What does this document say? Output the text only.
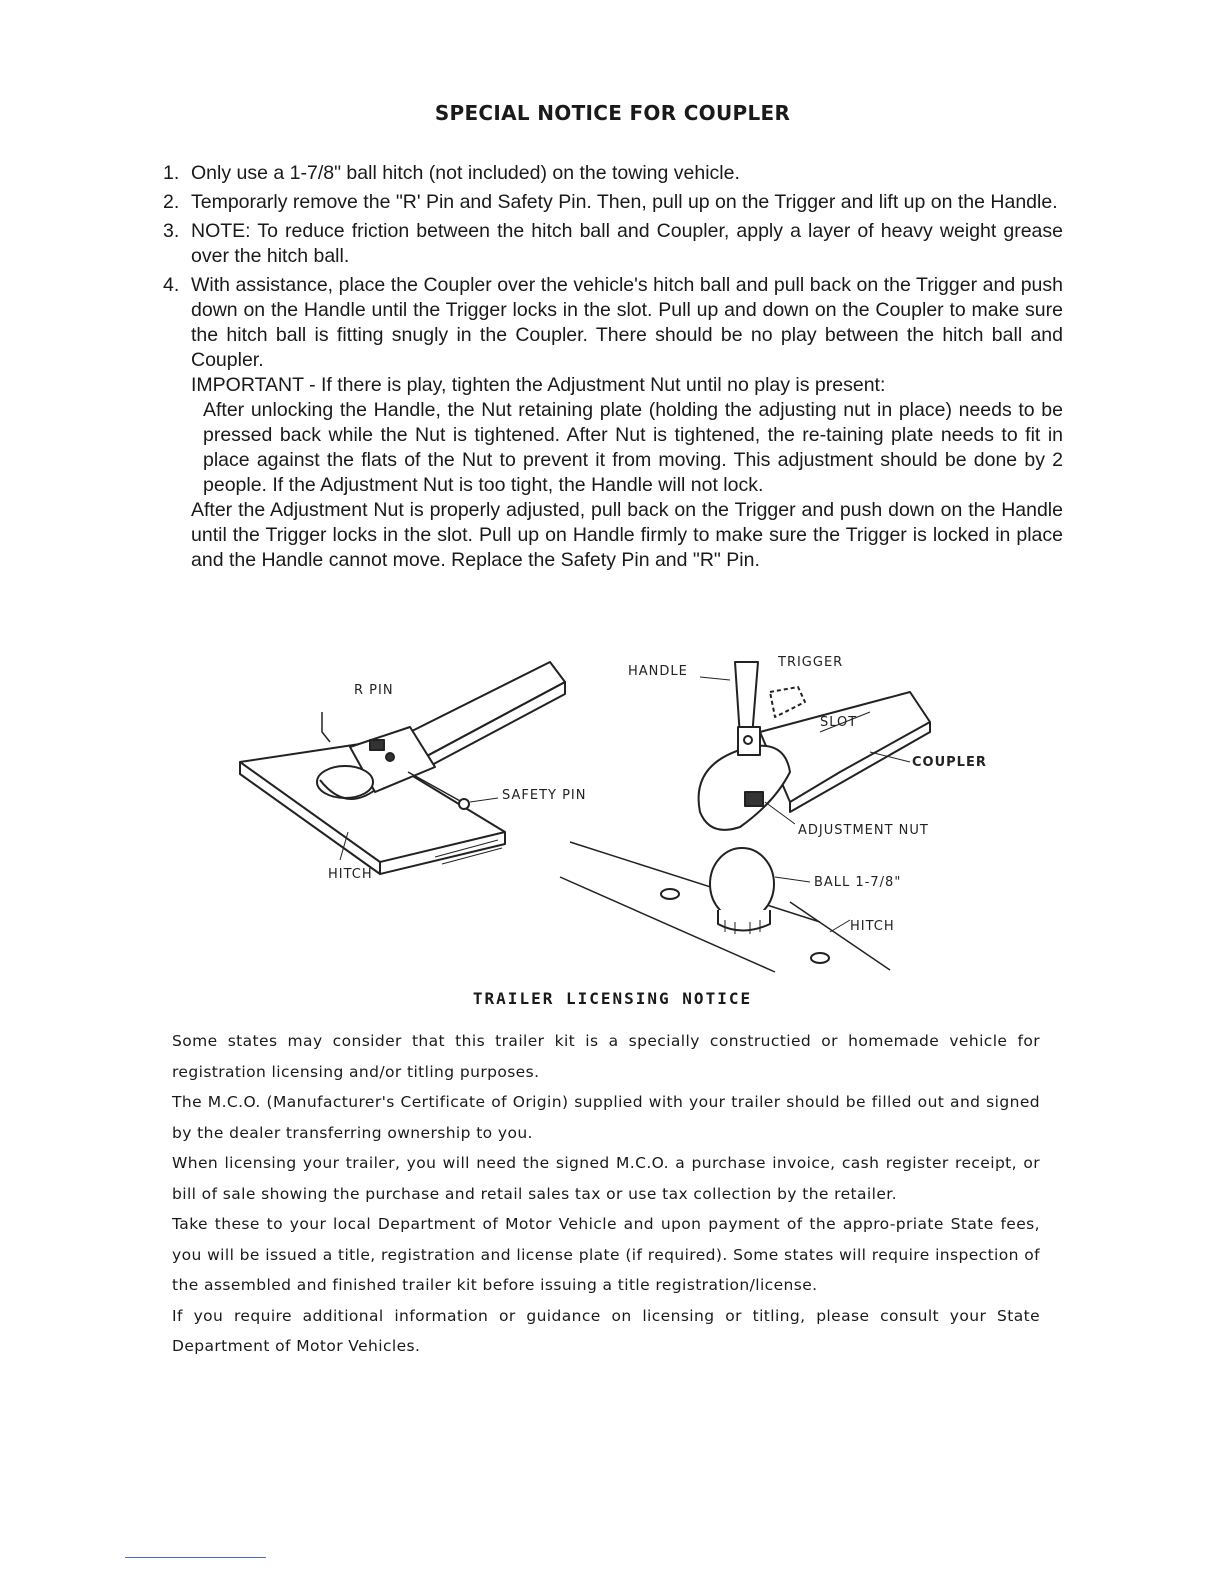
SPECIAL NOTICE FOR COUPLER
1. Only use a 1-7/8" ball hitch (not included) on the towing vehicle.

2. Temporarly remove the "R' Pin and Safety Pin. Then, pull up on the Trigger and lift up on the Handle.

3. NOTE: To reduce friction between the hitch ball and Coupler, apply a layer of heavy weight grease over the hitch ball.

4. With assistance, place the Coupler over the vehicle's hitch ball and pull back on the Trigger and push down on the Handle until the Trigger locks in the slot. Pull up and down on the Coupler to make sure the hitch ball is fitting snugly in the Coupler. There should be no play between the hitch ball and Coupler.

IMPORTANT - If there is play, tighten the Adjustment Nut until no play is present:

After unlocking the Handle, the Nut retaining plate (holding the adjusting nut in place) needs to be pressed back while the Nut is tightened. After Nut is tightened, the re-taining plate needs to fit in place against the flats of the Nut to prevent it from moving. This adjustment should be done by 2 people. If the Adjustment Nut is too tight, the Handle will not lock.

After the Adjustment Nut is properly adjusted, pull back on the Trigger and push down on the Handle until the Trigger locks in the slot. Pull up on Handle firmly to make sure the Trigger is locked in place and the Handle cannot move. Replace the Safety Pin and "R" Pin.

R PIN
SAFETY PIN
HITCH
HANDLE
TRIGGER
SLOT
COUPLER
ADJUSTMENT NUT
BALL 1-7/8"
HITCH
TRAILER LICENSING NOTICE

Some states may consider that this trailer kit is a specially constructied or homemade vehicle for registration licensing and/or titling purposes.

The M.C.O. (Manufacturer's Certificate of Origin) supplied with your trailer should be filled out and signed by the dealer transferring ownership to you.

When licensing your trailer, you will need the signed M.C.O. a purchase invoice, cash register receipt, or bill of sale showing the purchase and retail sales tax or use tax collection by the retailer.

Take these to your local Department of Motor Vehicle and upon payment of the appro-priate State fees, you will be issued a title, registration and license plate (if required). Some states will require inspection of the assembled and finished trailer kit before issuing a title registration/license.

If you require additional information or guidance on licensing or titling, please consult your State Department of Motor Vehicles.
